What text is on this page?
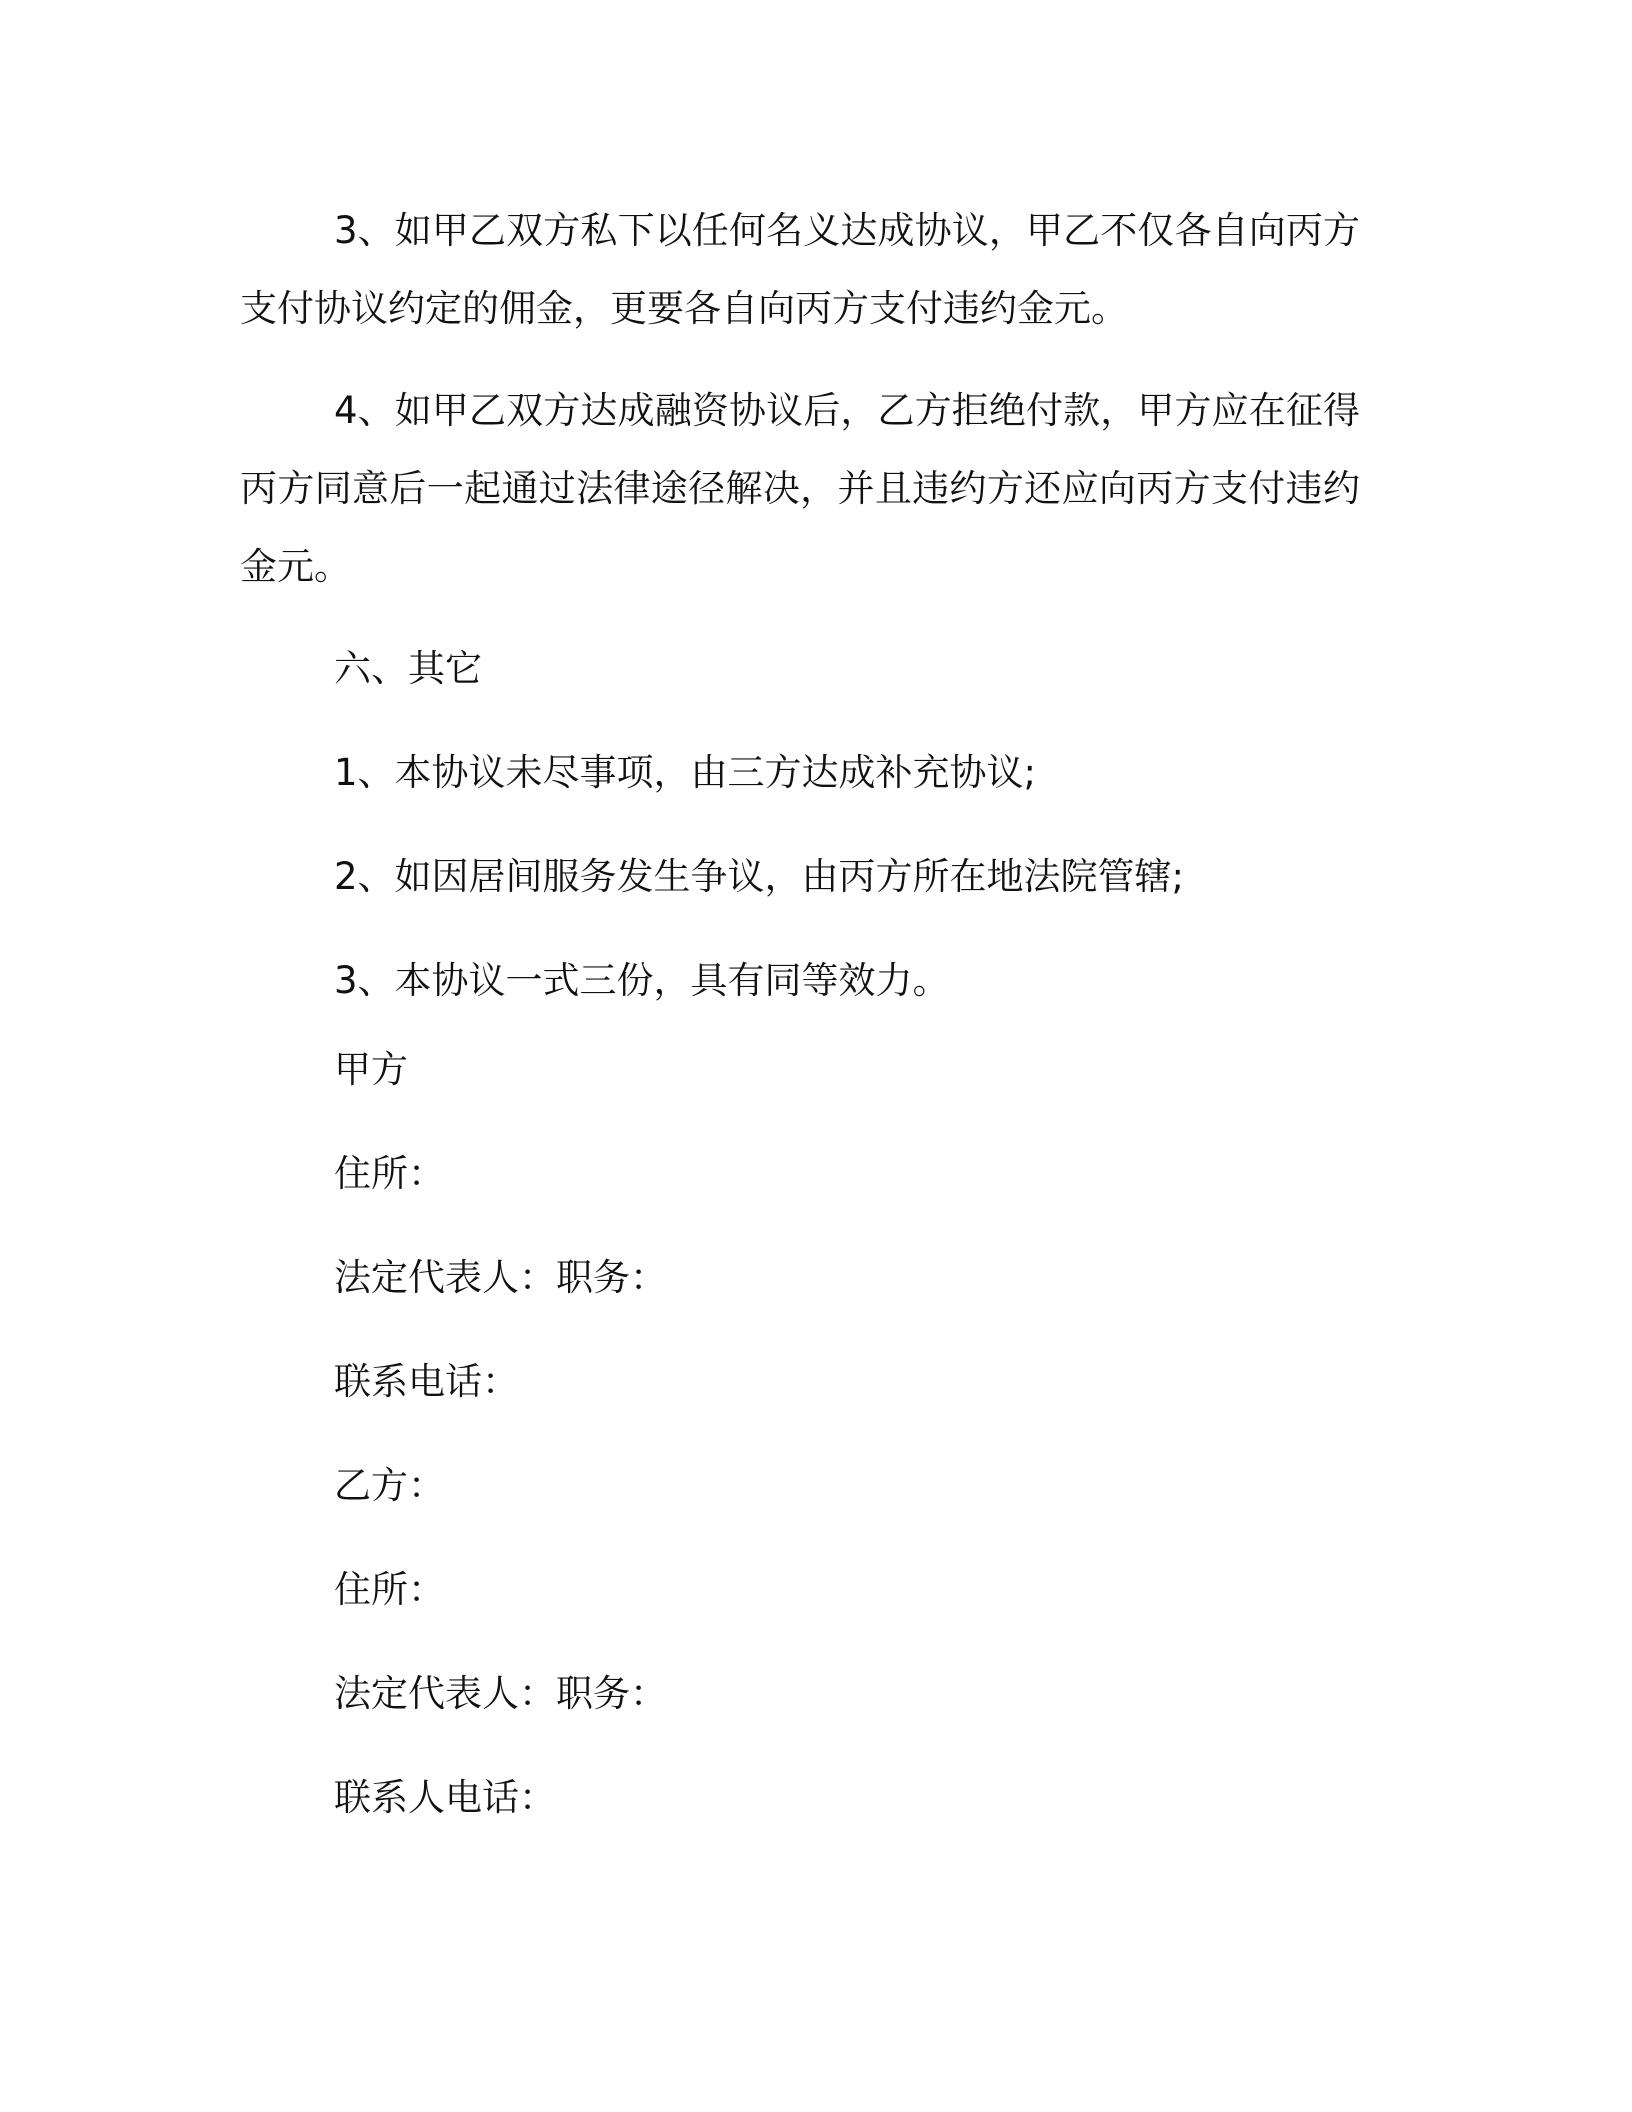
3、如甲乙双方私下以任何名义达成协议，甲乙不仅各自向丙方支付协议约定的佣金，更要各自向丙方支付违约金元。

4、如甲乙双方达成融资协议后，乙方拒绝付款，甲方应在征得丙方同意后一起通过法律途径解决，并且违约方还应向丙方支付违约金元。

六、其它
1、本协议未尽事项，由三方达成补充协议;
2、如因居间服务发生争议，由丙方所在地法院管辖;
3、本协议一式三份，具有同等效力。
甲方
住所：
法定代表人：职务：
联系电话：
乙方：
住所：
法定代表人：职务：
联系人电话：
